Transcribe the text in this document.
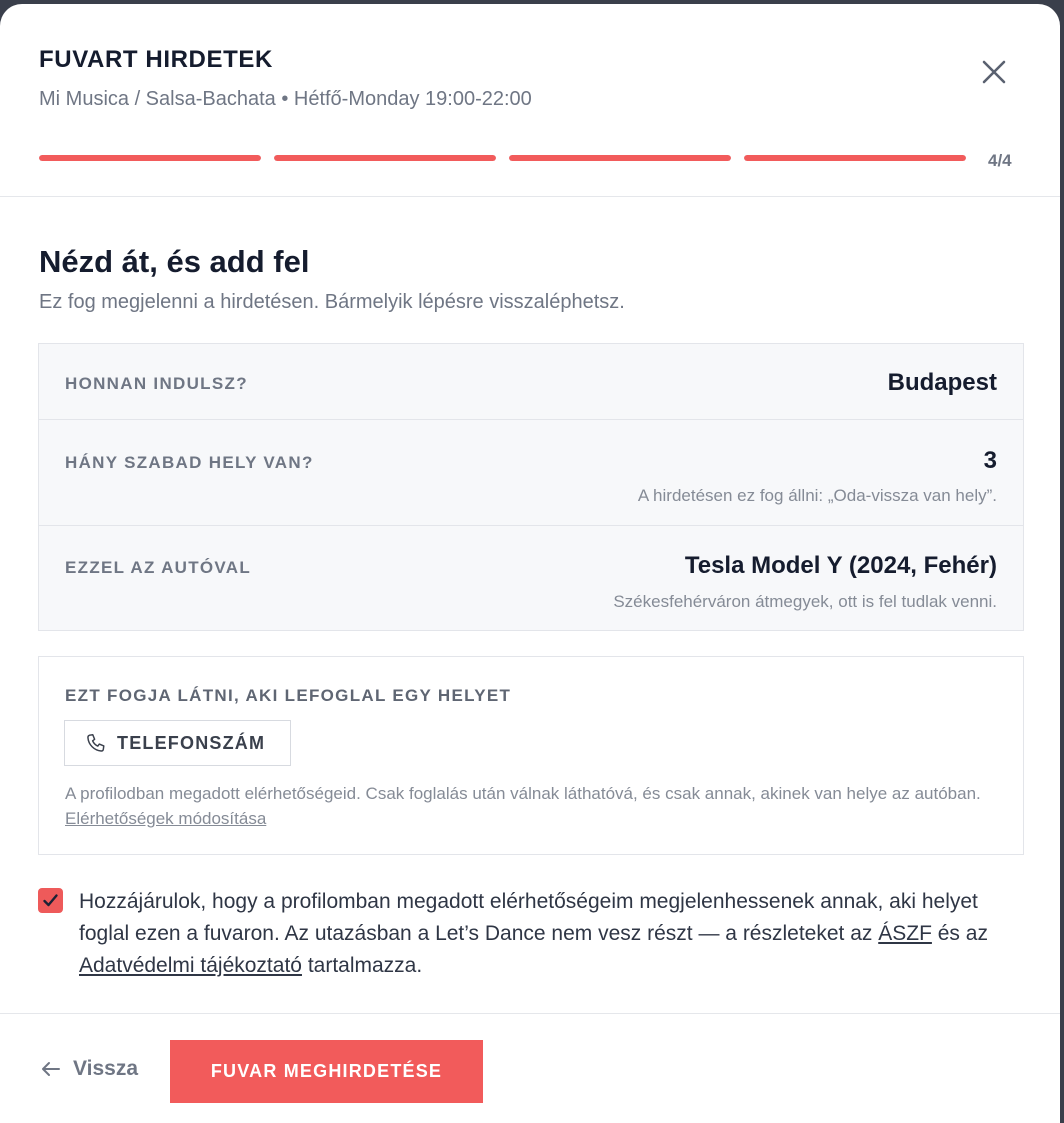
FUVART HIRDETEK
Mi Musica / Salsa-Bachata • Hétfő-Monday 19:00-22:00
4/4
Nézd át, és add fel
Ez fog megjelenni a hirdetésen. Bármelyik lépésre visszaléphetsz.
HONNAN INDULSZ?	Budapest
HÁNY SZABAD HELY VAN?	3
A hirdetésen ez fog állni: „Oda-vissza van hely”.
EZZEL AZ AUTÓVAL	Tesla Model Y (2024, Fehér)
Székesfehérváron átmegyek, ott is fel tudlak venni.
EZT FOGJA LÁTNI, AKI LEFOGLAL EGY HELYET
TELEFONSZÁM
A profilodban megadott elérhetőségeid. Csak foglalás után válnak láthatóvá, és csak annak, akinek van helye az autóban. Elérhetőségek módosítása
Hozzájárulok, hogy a profilomban megadott elérhetőségeim megjelenhessenek annak, aki helyet foglal ezen a fuvaron. Az utazásban a Let’s Dance nem vesz részt — a részleteket az ÁSZF és az Adatvédelmi tájékoztató tartalmazza.
Vissza	FUVAR MEGHIRDETÉSE
